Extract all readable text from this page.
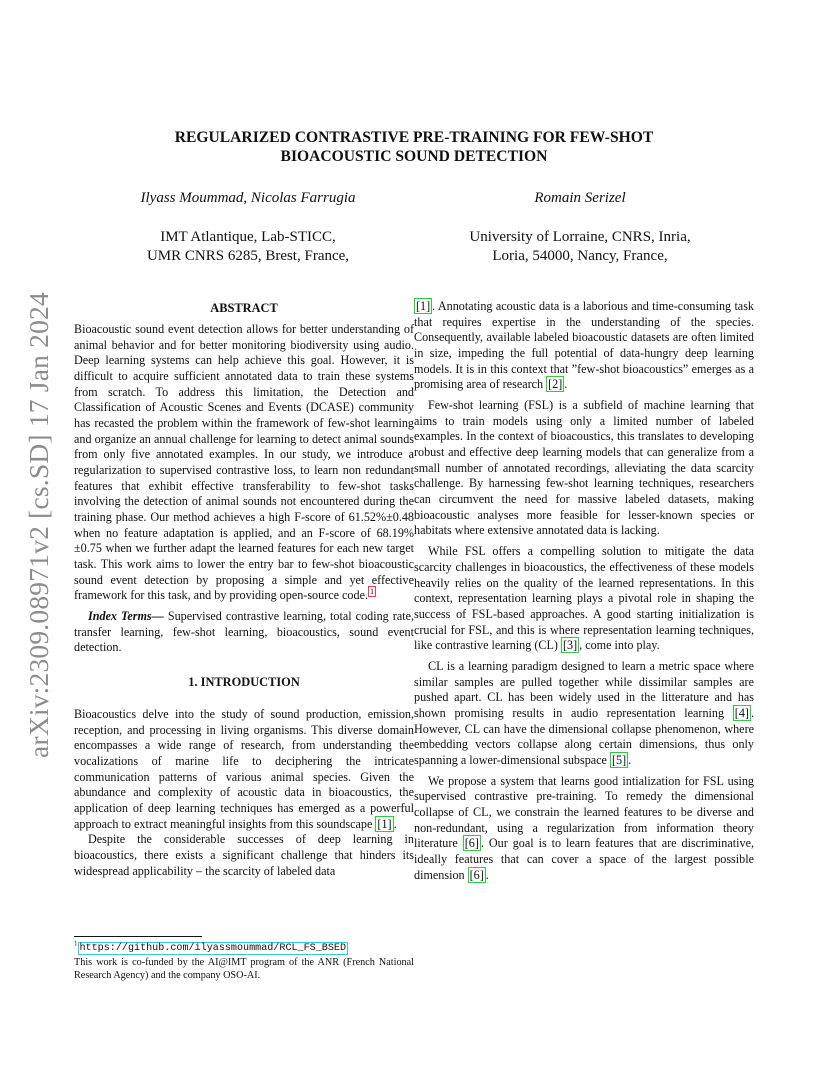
arXiv:2309.08971v2 [cs.SD] 17 Jan 2024
REGULARIZED CONTRASTIVE PRE-TRAINING FOR FEW-SHOT
BIOACOUSTIC SOUND DETECTION
Ilyass Moummad, Nicolas Farrugia
IMT Atlantique, Lab-STICC,
UMR CNRS 6285, Brest, France,
Romain Serizel
University of Lorraine, CNRS, Inria,
Loria, 54000, Nancy, France,
ABSTRACT

Bioacoustic sound event detection allows for better understanding of animal behavior and for better monitoring biodiversity using audio. Deep learning systems can help achieve this goal. However, it is difficult to acquire sufficient annotated data to train these systems from scratch. To address this limitation, the Detection and Classification of Acoustic Scenes and Events (DCASE) community has recasted the problem within the framework of few-shot learning and organize an annual challenge for learning to detect animal sounds from only five annotated examples. In our study, we introduce a regularization to supervised contrastive loss, to learn non redundant features that exhibit effective transferability to few-shot tasks involving the detection of animal sounds not encountered during the training phase. Our method achieves a high F-score of 61.52%±0.48 when no feature adaptation is applied, and an F-score of 68.19%±0.75 when we further adapt the learned features for each new target task. This work aims to lower the entry bar to few-shot bioacoustic sound event detection by proposing a simple and yet effective framework for this task, and by providing open-source code. $^1$

Index Terms— Supervised contrastive learning, total coding rate, transfer learning, few-shot learning, bioacoustics, sound event detection.

1. INTRODUCTION

Bioacoustics delve into the study of sound production, emission, reception, and processing in living organisms. This diverse domain encompasses a wide range of research, from understanding the vocalizations of marine life to deciphering the intricate communication patterns of various animal species. Given the abundance and complexity of acoustic data in bioacoustics, the application of deep learning techniques has emerged as a powerful approach to extract meaningful insights from this soundscape [1] .

Despite the considerable successes of deep learning in bioacoustics, there exists a significant challenge that hinders its widespread applicability – the scarcity of labeled data

[1] . Annotating acoustic data is a laborious and time-consuming task that requires expertise in the understanding of the species. Consequently, available labeled bioacoustic datasets are often limited in size, impeding the full potential of data-hungry deep learning models. It is in this context that ”few-shot bioacoustics” emerges as a promising area of research [2] .

Few-shot learning (FSL) is a subfield of machine learning that aims to train models using only a limited number of labeled examples. In the context of bioacoustics, this translates to developing robust and effective deep learning models that can generalize from a small number of annotated recordings, alleviating the data scarcity challenge. By harnessing few-shot learning techniques, researchers can circumvent the need for massive labeled datasets, making bioacoustic analyses more feasible for lesser-known species or habitats where extensive annotated data is lacking.

While FSL offers a compelling solution to mitigate the data scarcity challenges in bioacoustics, the effectiveness of these models heavily relies on the quality of the learned representations. In this context, representation learning plays a pivotal role in shaping the success of FSL-based approaches. A good starting initialization is crucial for FSL, and this is where representation learning techniques, like contrastive learning (CL) [3] , come into play.

CL is a learning paradigm designed to learn a metric space where similar samples are pulled together while dissimilar samples are pushed apart. CL has been widely used in the litterature and has shown promising results in audio representation learning [4] . However, CL can have the dimensional collapse phenomenon, where embedding vectors collapse along certain dimensions, thus only spanning a lower-dimensional subspace [5] .

We propose a system that learns good intialization for FSL using supervised contrastive pre-training. To remedy the dimensional collapse of CL, we constrain the learned features to be diverse and non-redundant, using a regularization from information theory literature [6] . Our goal is to learn features that are discriminative, ideally features that can cover a space of the largest possible dimension [6] .

$^1$ https://github.com/ilyassmoummad/RCL_FS_BSED
This work is co-funded by the AI@IMT program of the ANR (French National Research Agency) and the company OSO-AI.
